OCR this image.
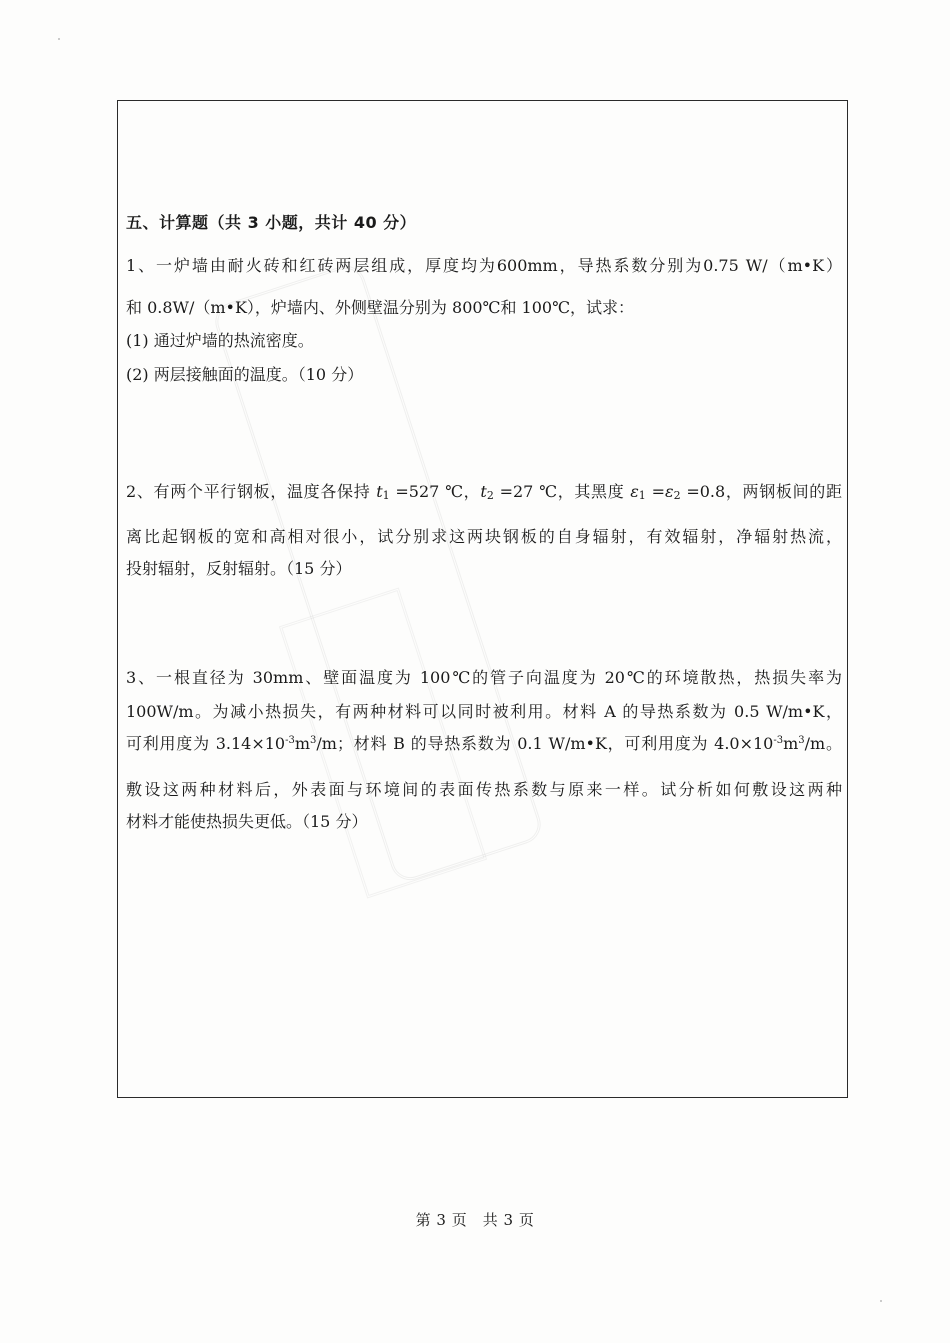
五、计算题（共 3 小题，共计 40 分）
1、一炉墙由耐火砖和红砖两层组成，厚度均为600mm，导热系数分别为0.75 W/（m•K）
和 0.8W/（m•K），炉墙内、外侧壁温分别为 800℃和 100℃，试求：
(1) 通过炉墙的热流密度。
(2) 两层接触面的温度。（10 分）
2、有两个平行钢板，温度各保持 t1 =527 ℃，t2 =27 ℃，其黑度 ε1 =ε2 =0.8，两钢板间的距
离比起钢板的宽和高相对很小，试分别求这两块钢板的自身辐射，有效辐射，净辐射热流，
投射辐射，反射辐射。（15 分）
3、一根直径为 30mm、壁面温度为 100℃的管子向温度为 20℃的环境散热，热损失率为
100W/m。为减小热损失，有两种材料可以同时被利用。材料 A 的导热系数为 0.5 W/m•K，
可利用度为 $3.14\times 10^{-3}m^3/m$；材料 B 的导热系数为 0.1 W/m•K，可利用度为 $4.0\times 10^{-3}m^3/m$。
敷设这两种材料后，外表面与环境间的表面传热系数与原来一样。试分析如何敷设这两种
材料才能使热损失更低。（15 分）
第 3 页　共 3 页
